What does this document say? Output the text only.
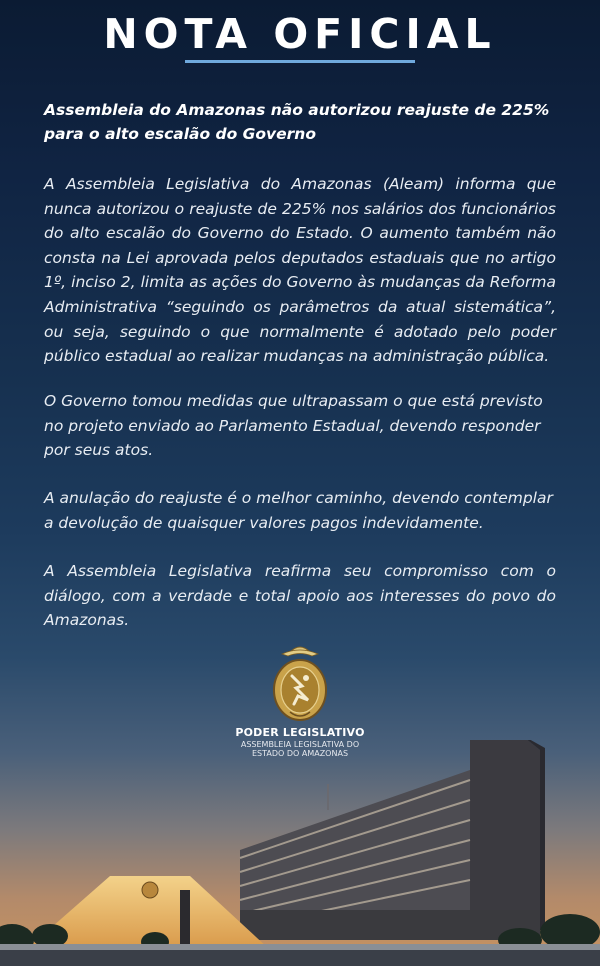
NOTA OFICIAL

Assembleia do Amazonas não autorizou reajuste de 225% para o alto escalão do Governo

A Assembleia Legislativa do Amazonas (Aleam) informa que nunca autorizou o reajuste de 225% nos salários dos funcionários do alto escalão do Governo do Estado. O aumento também não consta na Lei aprovada pelos deputados estaduais que no artigo 1º, inciso 2, limita as ações do Governo às mudanças da Reforma Administrativa “seguindo os parâmetros da atual sistemática”, ou seja, seguindo o que normalmente é adotado pelo poder público estadual ao realizar mudanças na administração pública.

O Governo tomou medidas que ultrapassam o que está previsto no projeto enviado ao Parlamento Estadual, devendo responder por seus atos.

A anulação do reajuste é o melhor caminho, devendo contemplar a devolução de quaisquer valores pagos indevidamente.

A Assembleia Legislativa reafirma seu compromisso com o diálogo, com a verdade e total apoio aos interesses do povo do Amazonas.

PODER LEGISLATIVO

ASSEMBLEIA LEGISLATIVA DO

ESTADO DO AMAZONAS
